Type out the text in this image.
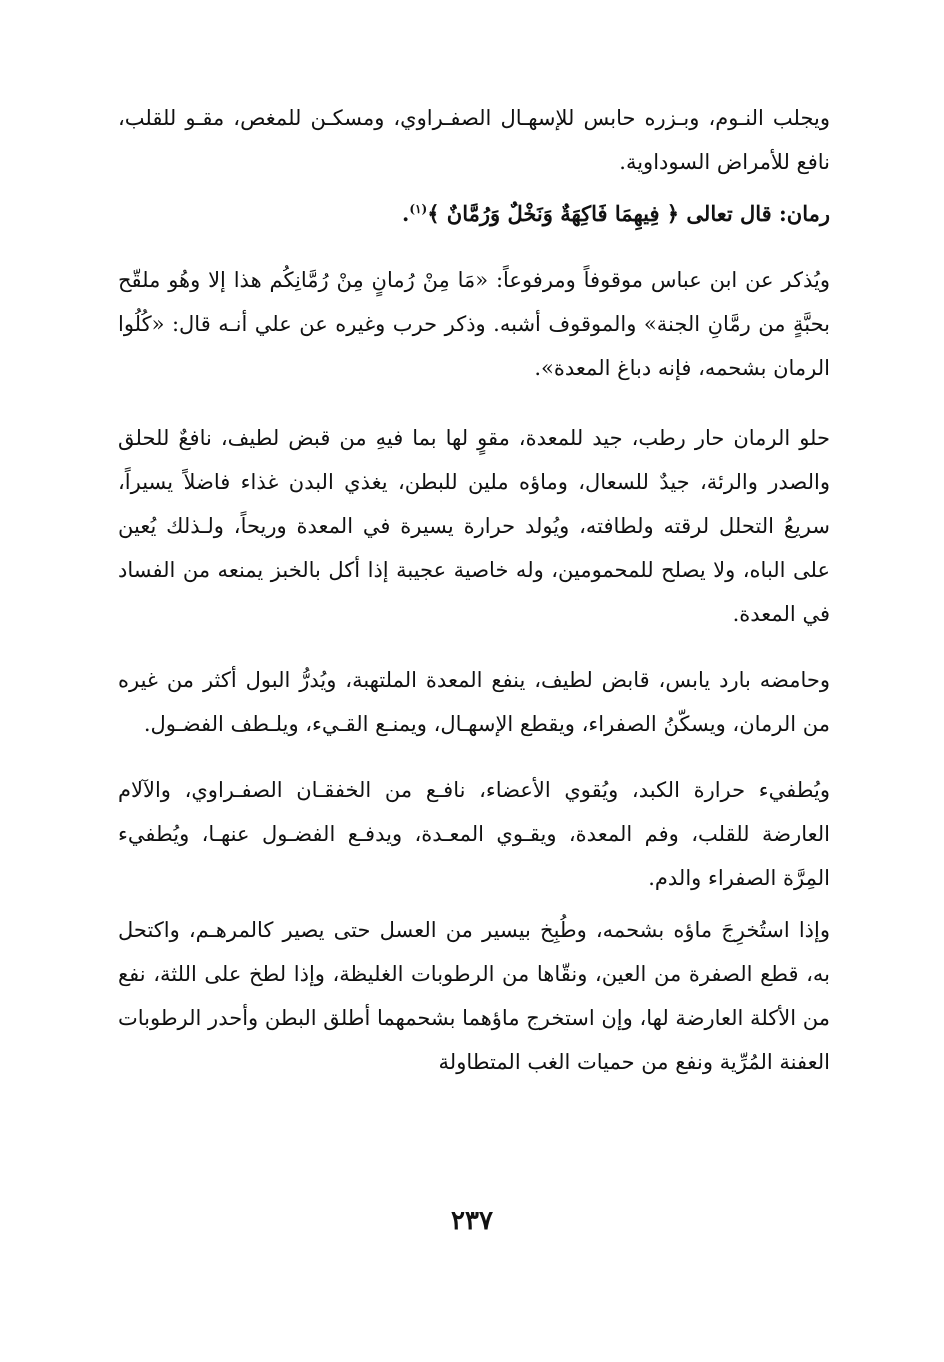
ويجلب النـوم، وبـزره حابس للإسهـال الصفـراوي، ومسكـن للمغص، مقـو للقلب، نافع للأمراض السوداوية.

رمان: قال تعالى ﴿ فِيهِمَا فَاكِهَةٌ وَنَخْلٌ وَرُمَّانٌ ﴾$^{(١)}$.

ويُذكر عن ابن عباس موقوفاً ومرفوعاً: «مَا مِنْ رُمانٍ مِنْ رُمَّانِكُم هذا إلا وهُو ملقّح بحبَّةٍ من رمَّانِ الجنة» والموقوف أشبه. وذكر حرب وغيره عن علي أنـه قال: «كُلُوا الرمان بشحمه، فإنه دباغ المعدة».

حلو الرمان حار رطب، جيد للمعدة، مقوٍ لها بما فيهِ من قبض لطيف، نافعٌ للحلق والصدر والرئة، جيدٌ للسعال، وماؤه ملين للبطن، يغذي البدن غذاء فاضلاً يسيراً، سريعُ التحلل لرقته ولطافته، ويُولد حرارة يسيرة في المعدة وريحاً، ولـذلك يُعين على الباه، ولا يصلح للمحمومين، وله خاصية عجيبة إذا أكل بالخبز يمنعه من الفساد في المعدة.

وحامضه بارد يابس، قابض لطيف، ينفع المعدة الملتهبة، ويُدرُّ البول أكثر من غيره من الرمان، ويسكّنُ الصفراء، ويقطع الإسهـال، ويمنـع القـيء، ويلـطف الفضـول.

ويُطفيء حرارة الكبد، ويُقوي الأعضاء، نافـع من الخفقـان الصفـراوي، والآلام العارضة للقلب، وفم المعدة، ويقـوي المعـدة، ويدفـع الفضـول عنهـا، ويُطفيء المِرَّة الصفراء والدم.

وإذا استُخرِجَ ماؤه بشحمه، وطُبِخ بيسير من العسل حتى يصير كالمرهـم، واكتحل به، قطع الصفرة من العين، ونقّاها من الرطوبات الغليظة، وإذا لطخ على اللثة، نفع من الأكلة العارضة لها، وإن استخرج ماؤهما بشحمهما أطلق البطن وأحدر الرطوبات العفنة المُرِّية ونفع من حميات الغب المتطاولة

٢٣٧
